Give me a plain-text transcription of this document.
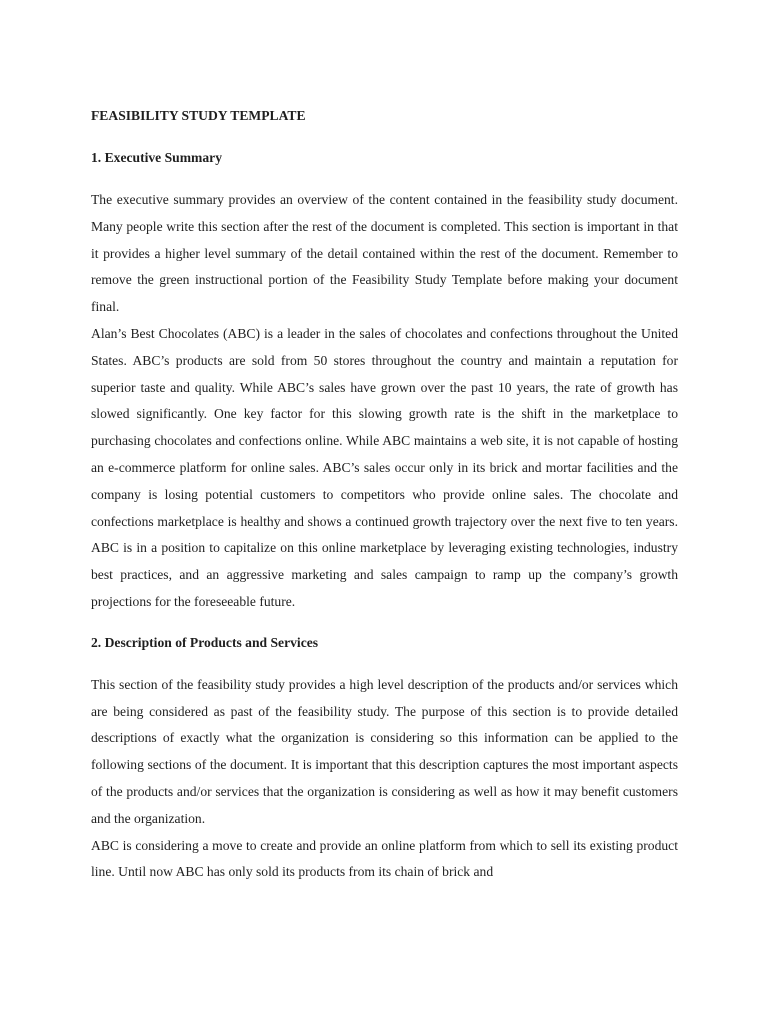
FEASIBILITY STUDY TEMPLATE
1. Executive Summary

The executive summary provides an overview of the content contained in the feasibility study document. Many people write this section after the rest of the document is completed. This section is important in that it provides a higher level summary of the detail contained within the rest of the document. Remember to remove the green instructional portion of the Feasibility Study Template before making your document final.

Alan’s Best Chocolates (ABC) is a leader in the sales of chocolates and confections throughout the United States. ABC’s products are sold from 50 stores throughout the country and maintain a reputation for superior taste and quality. While ABC’s sales have grown over the past 10 years, the rate of growth has slowed significantly. One key factor for this slowing growth rate is the shift in the marketplace to purchasing chocolates and confections online. While ABC maintains a web site, it is not capable of hosting an e-commerce platform for online sales. ABC’s sales occur only in its brick and mortar facilities and the company is losing potential customers to competitors who provide online sales. The chocolate and confections marketplace is healthy and shows a continued growth trajectory over the next five to ten years. ABC is in a position to capitalize on this online marketplace by leveraging existing technologies, industry best practices, and an aggressive marketing and sales campaign to ramp up the company’s growth projections for the foreseeable future.

2. Description of Products and Services

This section of the feasibility study provides a high level description of the products and/or services which are being considered as past of the feasibility study. The purpose of this section is to provide detailed descriptions of exactly what the organization is considering so this information can be applied to the following sections of the document. It is important that this description captures the most important aspects of the products and/or services that the organization is considering as well as how it may benefit customers and the organization.

ABC is considering a move to create and provide an online platform from which to sell its existing product line. Until now ABC has only sold its products from its chain of brick and
